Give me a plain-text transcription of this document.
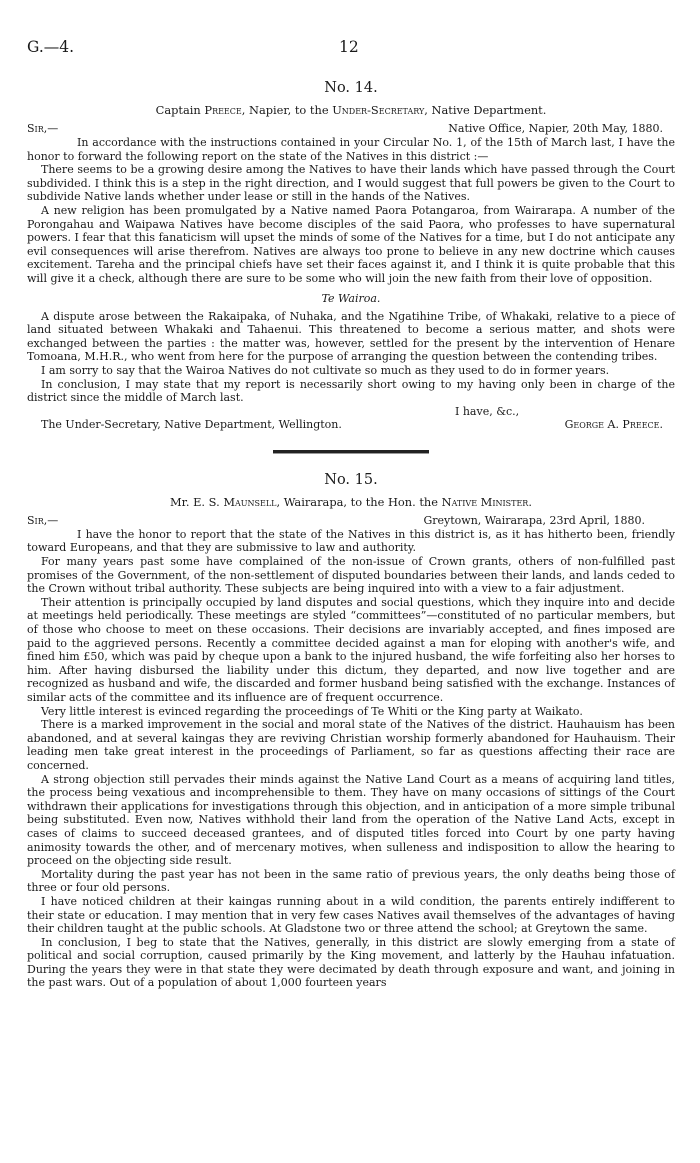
G.—4.	12
No. 14.
Captain Preece, Napier, to the Under-Secretary, Native Department.
Sir,—	Native Office, Napier, 20th May, 1880.

In accordance with the instructions contained in your Circular No. 1, of the 15th of March last, I have the honor to forward the following report on the state of the Natives in this district :—

There seems to be a growing desire among the Natives to have their lands which have passed through the Court subdivided. I think this is a step in the right direction, and I would suggest that full powers be given to the Court to subdivide Native lands whether under lease or still in the hands of the Natives.

A new religion has been promulgated by a Native named Paora Potangaroa, from Wairarapa. A number of the Porongahau and Waipawa Natives have become disciples of the said Paora, who professes to have supernatural powers. I fear that this fanaticism will upset the minds of some of the Natives for a time, but I do not anticipate any evil consequences will arise therefrom. Natives are always too prone to believe in any new doctrine which causes excitement. Tareha and the principal chiefs have set their faces against it, and I think it is quite probable that this will give it a check, although there are sure to be some who will join the new faith from their love of opposition.

Te Wairoa.

A dispute arose between the Rakaipaka, of Nuhaka, and the Ngatihine Tribe, of Whakaki, relative to a piece of land situated between Whakaki and Tahaenui. This threatened to become a serious matter, and shots were exchanged between the parties : the matter was, however, settled for the present by the intervention of Henare Tomoana, M.H.R., who went from here for the purpose of arranging the question between the contending tribes.

I am sorry to say that the Wairoa Natives do not cultivate so much as they used to do in former years.

In conclusion, I may state that my report is necessarily short owing to my having only been in charge of the district since the middle of March last.

I have, &c.,
The Under-Secretary, Native Department, Wellington.	George A. Preece.
No. 15.
Mr. E. S. Maunsell, Wairarapa, to the Hon. the Native Minister.
Sir,—	Greytown, Wairarapa, 23rd April, 1880.

I have the honor to report that the state of the Natives in this district is, as it has hitherto been, friendly toward Europeans, and that they are submissive to law and authority.

For many years past some have complained of the non-issue of Crown grants, others of non-fulfilled past promises of the Government, of the non-settlement of disputed boundaries between their lands, and lands ceded to the Crown without tribal authority. These subjects are being inquired into with a view to a fair adjustment.

Their attention is principally occupied by land disputes and social questions, which they inquire into and decide at meetings held periodically. These meetings are styled “committees”—constituted of no particular members, but of those who choose to meet on these occasions. Their decisions are invariably accepted, and fines imposed are paid to the aggrieved persons. Recently a committee decided against a man for eloping with another's wife, and fined him £50, which was paid by cheque upon a bank to the injured husband, the wife forfeiting also her horses to him. After having disbursed the liability under this dictum, they departed, and now live together and are recognized as husband and wife, the discarded and former husband being satisfied with the exchange. Instances of similar acts of the committee and its influence are of frequent occurrence.

Very little interest is evinced regarding the proceedings of Te Whiti or the King party at Waikato.

There is a marked improvement in the social and moral state of the Natives of the district. Hauhauism has been abandoned, and at several kaingas they are reviving Christian worship formerly abandoned for Hauhauism. Their leading men take great interest in the proceedings of Parliament, so far as questions affecting their race are concerned.

A strong objection still pervades their minds against the Native Land Court as a means of acquiring land titles, the process being vexatious and incomprehensible to them. They have on many occasions of sittings of the Court withdrawn their applications for investigations through this objection, and in anticipation of a more simple tribunal being substituted. Even now, Natives withhold their land from the operation of the Native Land Acts, except in cases of claims to succeed deceased grantees, and of disputed titles forced into Court by one party having animosity towards the other, and of mercenary motives, when sulleness and indisposition to allow the hearing to proceed on the objecting side result.

Mortality during the past year has not been in the same ratio of previous years, the only deaths being those of three or four old persons.

I have noticed children at their kaingas running about in a wild condition, the parents entirely indifferent to their state or education. I may mention that in very few cases Natives avail themselves of the advantages of having their children taught at the public schools. At Gladstone two or three attend the school; at Greytown the same.

In conclusion, I beg to state that the Natives, generally, in this district are slowly emerging from a state of political and social corruption, caused primarily by the King movement, and latterly by the Hauhau infatuation. During the years they were in that state they were decimated by death through exposure and want, and joining in the past wars. Out of a population of about 1,000 fourteen years
